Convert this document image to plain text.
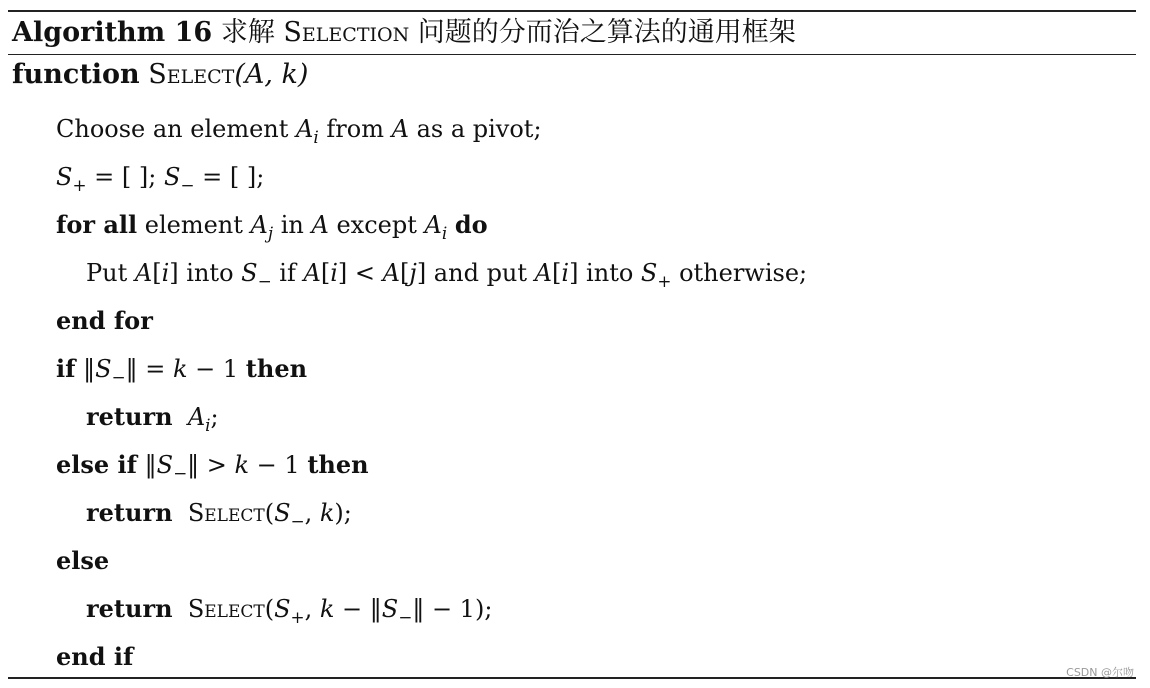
Algorithm 16 求解 Selection 问题的分而治之算法的通用框架
function Select(A, k)
Choose an element $A_i$ from A as a pivot;
$S_+$ = [ ]; $S_-$ = [ ];
for all element $A_j$ in A except $A_i$ do
Put A[i] into $S_-$ if A[i] < A[j] and put A[i] into $S_+$ otherwise;
end for
if $‖S_-‖ = k - 1$ then
return $A_i$;
else if $‖S_-‖ > k - 1$ then
return $Select(S_-$, k);
else
return $Select(S_+$, $k - ‖S_-‖ - 1$);
end if
CSDN @尔吻
